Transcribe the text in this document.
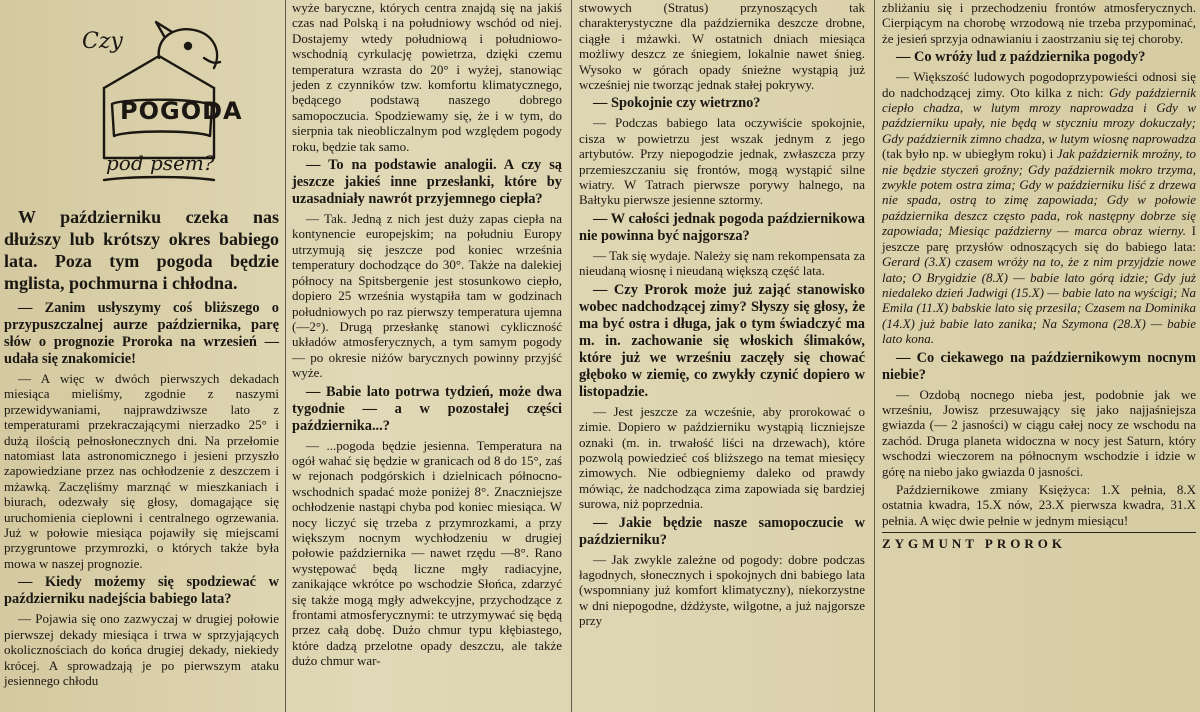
Czy
POGODA
pod psem?

W październiku czeka nas dłuższy lub krótszy okres babiego lata. Poza tym pogoda będzie mglista, pochmurna i chłodna.

— Zanim usłyszymy coś bliższego o przypuszczalnej aurze października, parę słów o prognozie Proroka na wrzesień — udała się znakomicie!

— A więc w dwóch pierwszych dekadach miesiąca mieliśmy, zgodnie z naszymi przewidywaniami, najprawdziwsze lato z temperaturami przekraczającymi nierzadko 25° i dużą ilością pełnosłonecznych dni. Na przełomie natomiast lata astronomicznego i jesieni przyszło zapowiedziane przez nas ochłodzenie z deszczem i mżawką. Zaczęliśmy marznąć w mieszkaniach i biurach, odezwały się głosy, domagające się uruchomienia cieplowni i centralnego ogrzewania. Już w połowie miesiąca pojawiły się miejscami przygruntowe przymrozki, o których także była mowa w naszej prognozie.

— Kiedy możemy się spodziewać w październiku nadejścia babiego lata?

— Pojawia się ono zazwyczaj w drugiej połowie pierwszej dekady miesiąca i trwa w sprzyjających okolicznościach do końca drugiej dekady, niekiedy krócej. A sprowadzają je po pierwszym ataku jesiennego chłodu

wyże baryczne, których centra znajdą się na jakiś czas nad Polską i na południowy wschód od niej. Dostajemy wtedy południową i południowo-wschodnią cyrkulację powietrza, dzięki czemu temperatura wzrasta do 20° i wyżej, stanowiąc jeden z czynników tzw. komfortu klimatycznego, będącego podstawą naszego dobrego samopoczucia. Spodziewamy się, że i w tym, do sierpnia tak nieobliczalnym pod względem pogody roku, będzie tak samo.

— To na podstawie analogii. A czy są jeszcze jakieś inne przesłanki, które by uzasadniały nawrót przyjemnego ciepła?

— Tak. Jedną z nich jest duży zapas ciepła na kontynencie europejskim; na południu Europy utrzymują się jeszcze pod koniec września temperatury dochodzące do 30°. Także na dalekiej północy na Spitsbergenie jest stosunkowo ciepło, dopiero 25 września wystąpiła tam w godzinach południowych po raz pierwszy temperatura ujemna (—2°). Drugą przesłankę stanowi cykliczność układów atmosferycznych, a tym samym pogody — po okresie niżów barycznych powinny przyjść wyże.

— Babie lato potrwa tydzień, może dwa tygodnie — a w pozostałej części października...?

— ...pogoda będzie jesienna. Temperatura na ogół wahać się będzie w granicach od 8 do 15°, zaś w rejonach podgórskich i dzielnicach północno-wschodnich spadać może poniżej 8°. Znaczniejsze ochłodzenie nastąpi chyba pod koniec miesiąca. W nocy liczyć się trzeba z przymrozkami, a przy większym nocnym wychłodzeniu w drugiej połowie października — nawet rzędu —8°. Rano występować będą liczne mgły radiacyjne, zanikające wkrótce po wschodzie Słońca, zdarzyć się także mogą mgły adwekcyjne, przychodzące z frontami atmosferycznymi: te utrzymywać się będą przez całą dobę. Dużo chmur typu kłębiastego, które dadzą przelotne opady deszczu, ale także dużo chmur war-

stwowych (Stratus) przynoszących tak charakterystyczne dla października deszcze drobne, ciągłe i mżawki. W ostatnich dniach miesiąca możliwy deszcz ze śniegiem, lokalnie nawet śnieg. Wysoko w górach opady śnieżne wystąpią już wcześniej nie tworząc jednak stałej pokrywy.

— Spokojnie czy wietrzno?

— Podczas babiego lata oczywiście spokojnie, cisza w powietrzu jest wszak jednym z jego artybutów. Przy niepogodzie jednak, zwłaszcza przy przemieszczaniu się frontów, mogą wystąpić silne wiatry. W Tatrach pierwsze porywy halnego, na Bałtyku pierwsze jesienne sztormy.

— W całości jednak pogoda październikowa nie powinna być najgorsza?

— Tak się wydaje. Należy się nam rekompensata za nieudaną wiosnę i nieudaną większą część lata.

— Czy Prorok może już zająć stanowisko wobec nadchodzącej zimy? Słyszy się głosy, że ma być ostra i długa, jak o tym świadczyć ma m. in. zachowanie się włoskich ślimaków, które już we wrześniu zaczęły się chować głęboko w ziemię, co zwykły czynić dopiero w listopadzie.

— Jest jeszcze za wcześnie, aby prorokować o zimie. Dopiero w październiku wystąpią liczniejsze oznaki (m. in. trwałość liści na drzewach), które pozwolą powiedzieć coś bliższego na temat miesięcy zimowych. Nie odbiegniemy daleko od prawdy mówiąc, że nadchodząca zima zapowiada się bardziej surowa, niż poprzednia.

— Jakie będzie nasze samopoczucie w październiku?

— Jak zwykle zależne od pogody: dobre podczas łagodnych, słonecznych i spokojnych dni babiego lata (wspomniany już komfort klimatyczny), niekorzystne w dni niepogodne, dżdżyste, wilgotne, a już najgorsze przy

zbliżaniu się i przechodzeniu frontów atmosferycznych. Cierpiącym na chorobę wrzodową nie trzeba przypominać, że jesień sprzyja odnawianiu i zaostrzaniu się tej choroby.

— Co wróży lud z października pogody?

— Większość ludowych pogodoprzypowieści odnosi się do nadchodzącej zimy. Oto kilka z nich: Gdy październik ciepło chadza, w lutym mrozy naprowadza i Gdy w październiku upały, nie będą w styczniu mrozy dokuczały; Gdy październik zimno chadza, w lutym wiosnę naprowadza (tak było np. w ubiegłym roku) i Jak październik mroźny, to nie będzie styczeń groźny; Gdy październik mokro trzyma, zwykle potem ostra zima; Gdy w październiku liść z drzewa nie spada, ostrą to zimę zapowiada; Gdy w połowie października deszcz często pada, rok następny dobrze się zapowiada; Miesiąc październy — marca obraz wierny. I jeszcze parę przysłów odnoszących się do babiego lata: Gerard (3.X) czasem wróży na to, że z nim przyjdzie nowe lato; O Brygidzie (8.X) — babie lato górą idzie; Gdy już niedaleko dzień Jadwigi (15.X) — babie lato na wyścigi; Na Emila (11.X) babskie lato się przesila; Czasem na Dominika (14.X) już babie lato zanika; Na Szymona (28.X) — babie lato kona.

— Co ciekawego na październikowym nocnym niebie?

— Ozdobą nocnego nieba jest, podobnie jak we wrześniu, Jowisz przesuwający się jako najjaśniejsza gwiazda (— 2 jasności) w ciągu całej nocy ze wschodu na zachód. Druga planeta widoczna w nocy jest Saturn, który wschodzi wieczorem na północnym wschodzie i idzie w górę na niebo jako gwiazda 0 jasności.

Październikowe zmiany Księżyca: 1.X pełnia, 8.X ostatnia kwadra, 15.X nów, 23.X pierwsza kwadra, 31.X pełnia. A więc dwie pełnie w jednym miesiącu!

ZYGMUNT PROROK
